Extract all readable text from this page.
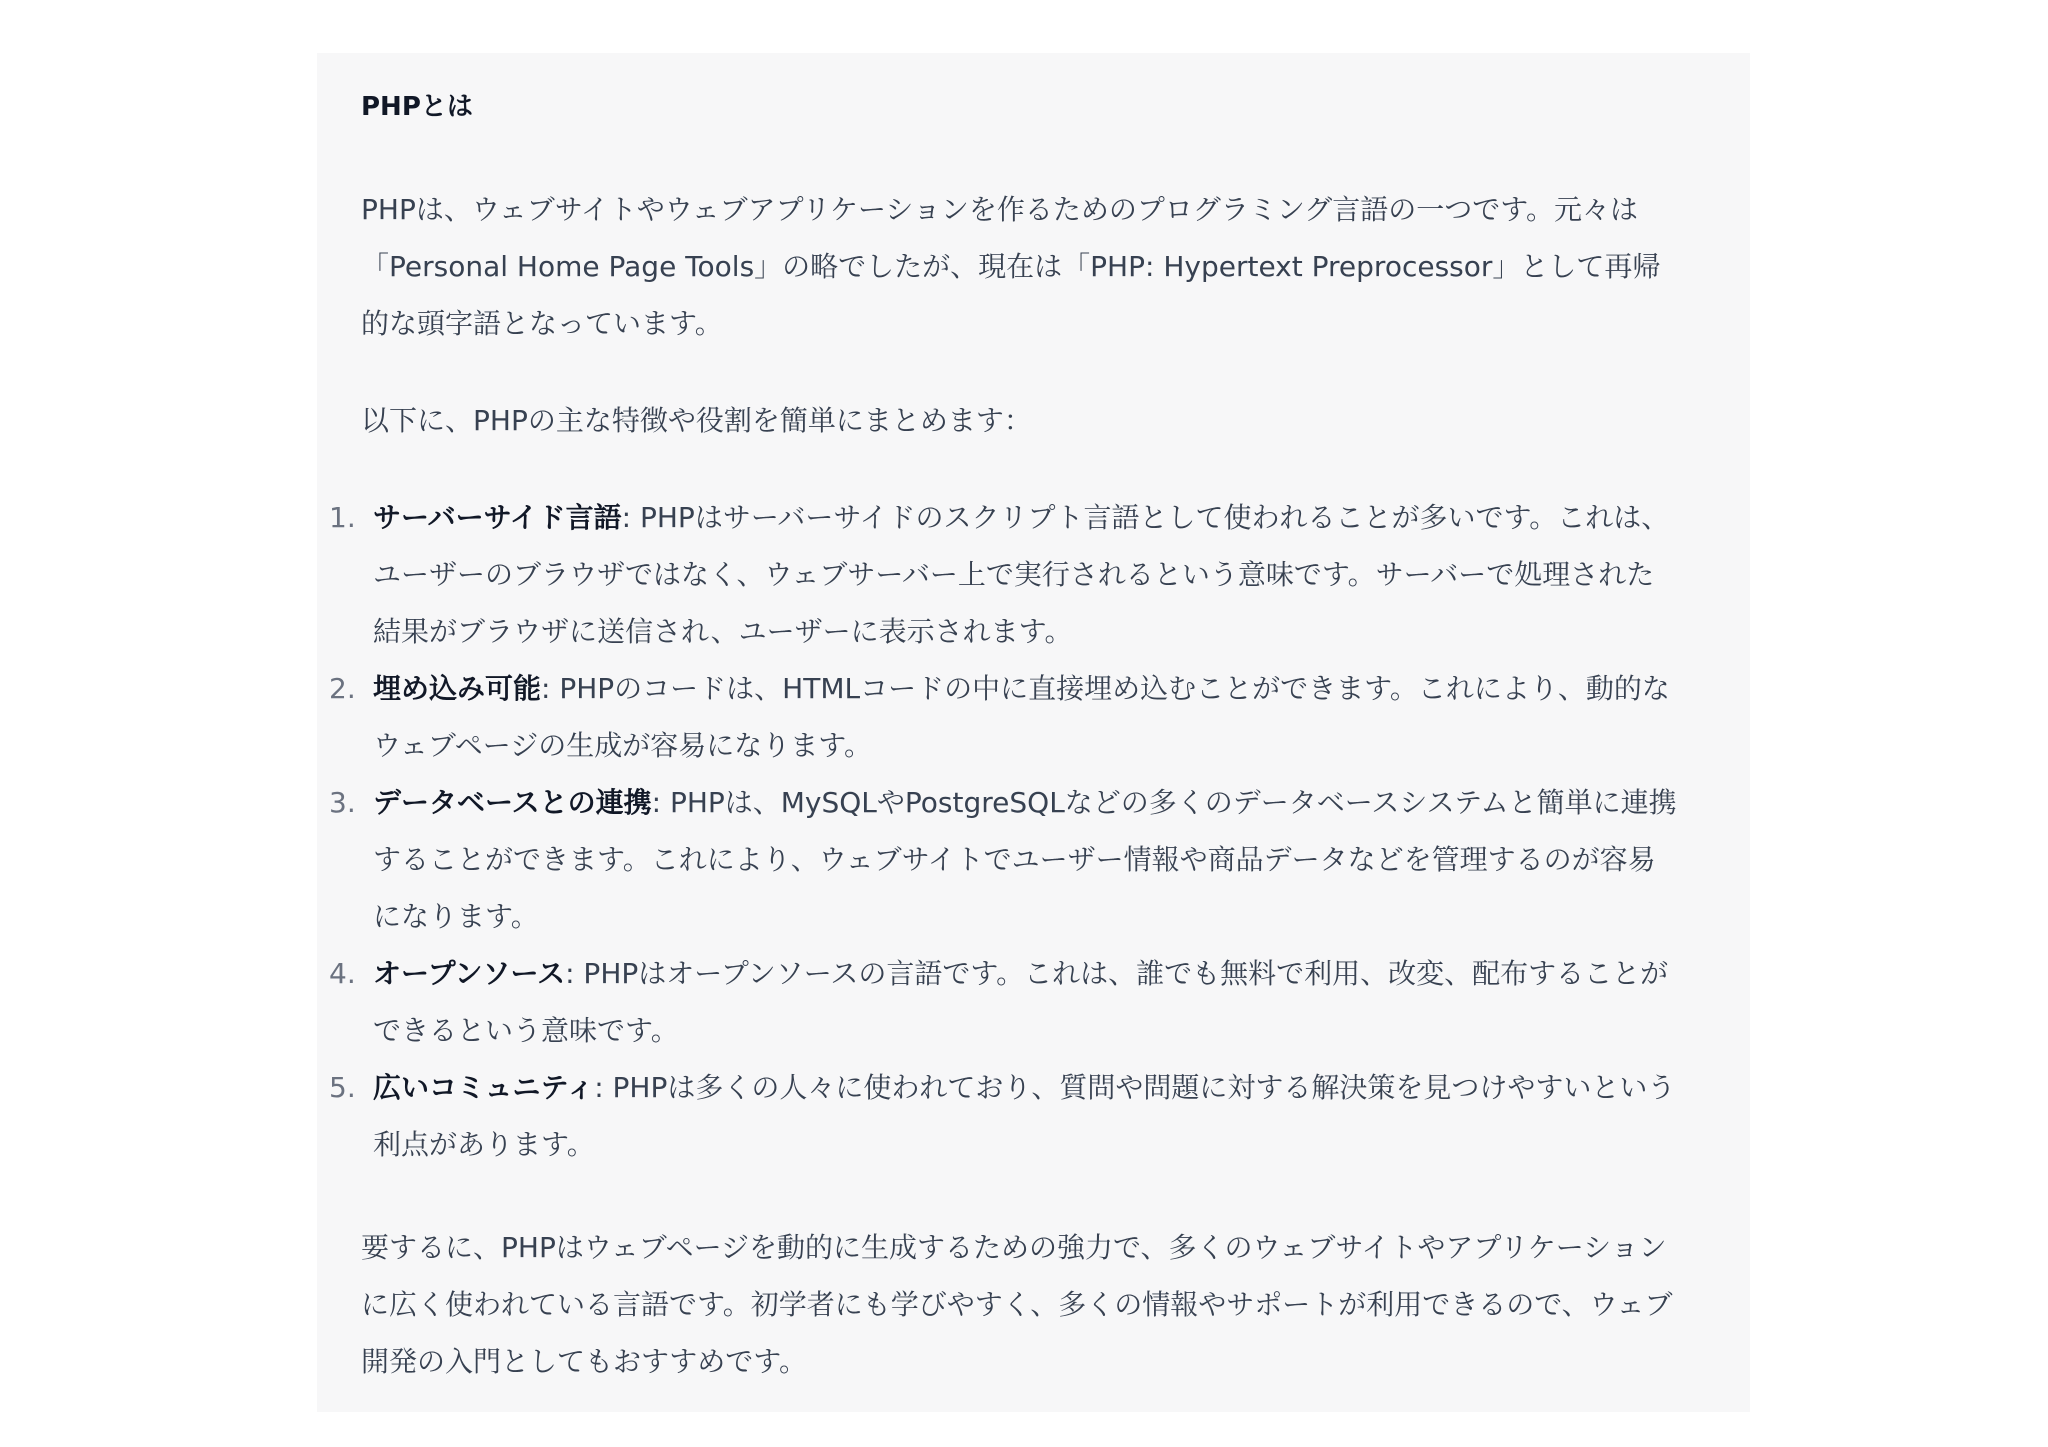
PHPとは

PHPは、ウェブサイトやウェブアプリケーションを作るためのプログラミング言語の一つです。元々は「Personal Home Page Tools」の略でしたが、現在は「PHP: Hypertext Preprocessor」として再帰的な頭字語となっています。

以下に、PHPの主な特徴や役割を簡単にまとめます：

1. サーバーサイド言語: PHPはサーバーサイドのスクリプト言語として使われることが多いです。これは、ユーザーのブラウザではなく、ウェブサーバー上で実行されるという意味です。サーバーで処理された結果がブラウザに送信され、ユーザーに表示されます。
2. 埋め込み可能: PHPのコードは、HTMLコードの中に直接埋め込むことができます。これにより、動的なウェブページの生成が容易になります。
3. データベースとの連携: PHPは、MySQLやPostgreSQLなどの多くのデータベースシステムと簡単に連携することができます。これにより、ウェブサイトでユーザー情報や商品データなどを管理するのが容易になります。
4. オープンソース: PHPはオープンソースの言語です。これは、誰でも無料で利用、改変、配布することができるという意味です。
5. 広いコミュニティ: PHPは多くの人々に使われており、質問や問題に対する解決策を見つけやすいという利点があります。

要するに、PHPはウェブページを動的に生成するための強力で、多くのウェブサイトやアプリケーションに広く使われている言語です。初学者にも学びやすく、多くの情報やサポートが利用できるので、ウェブ開発の入門としてもおすすめです。
